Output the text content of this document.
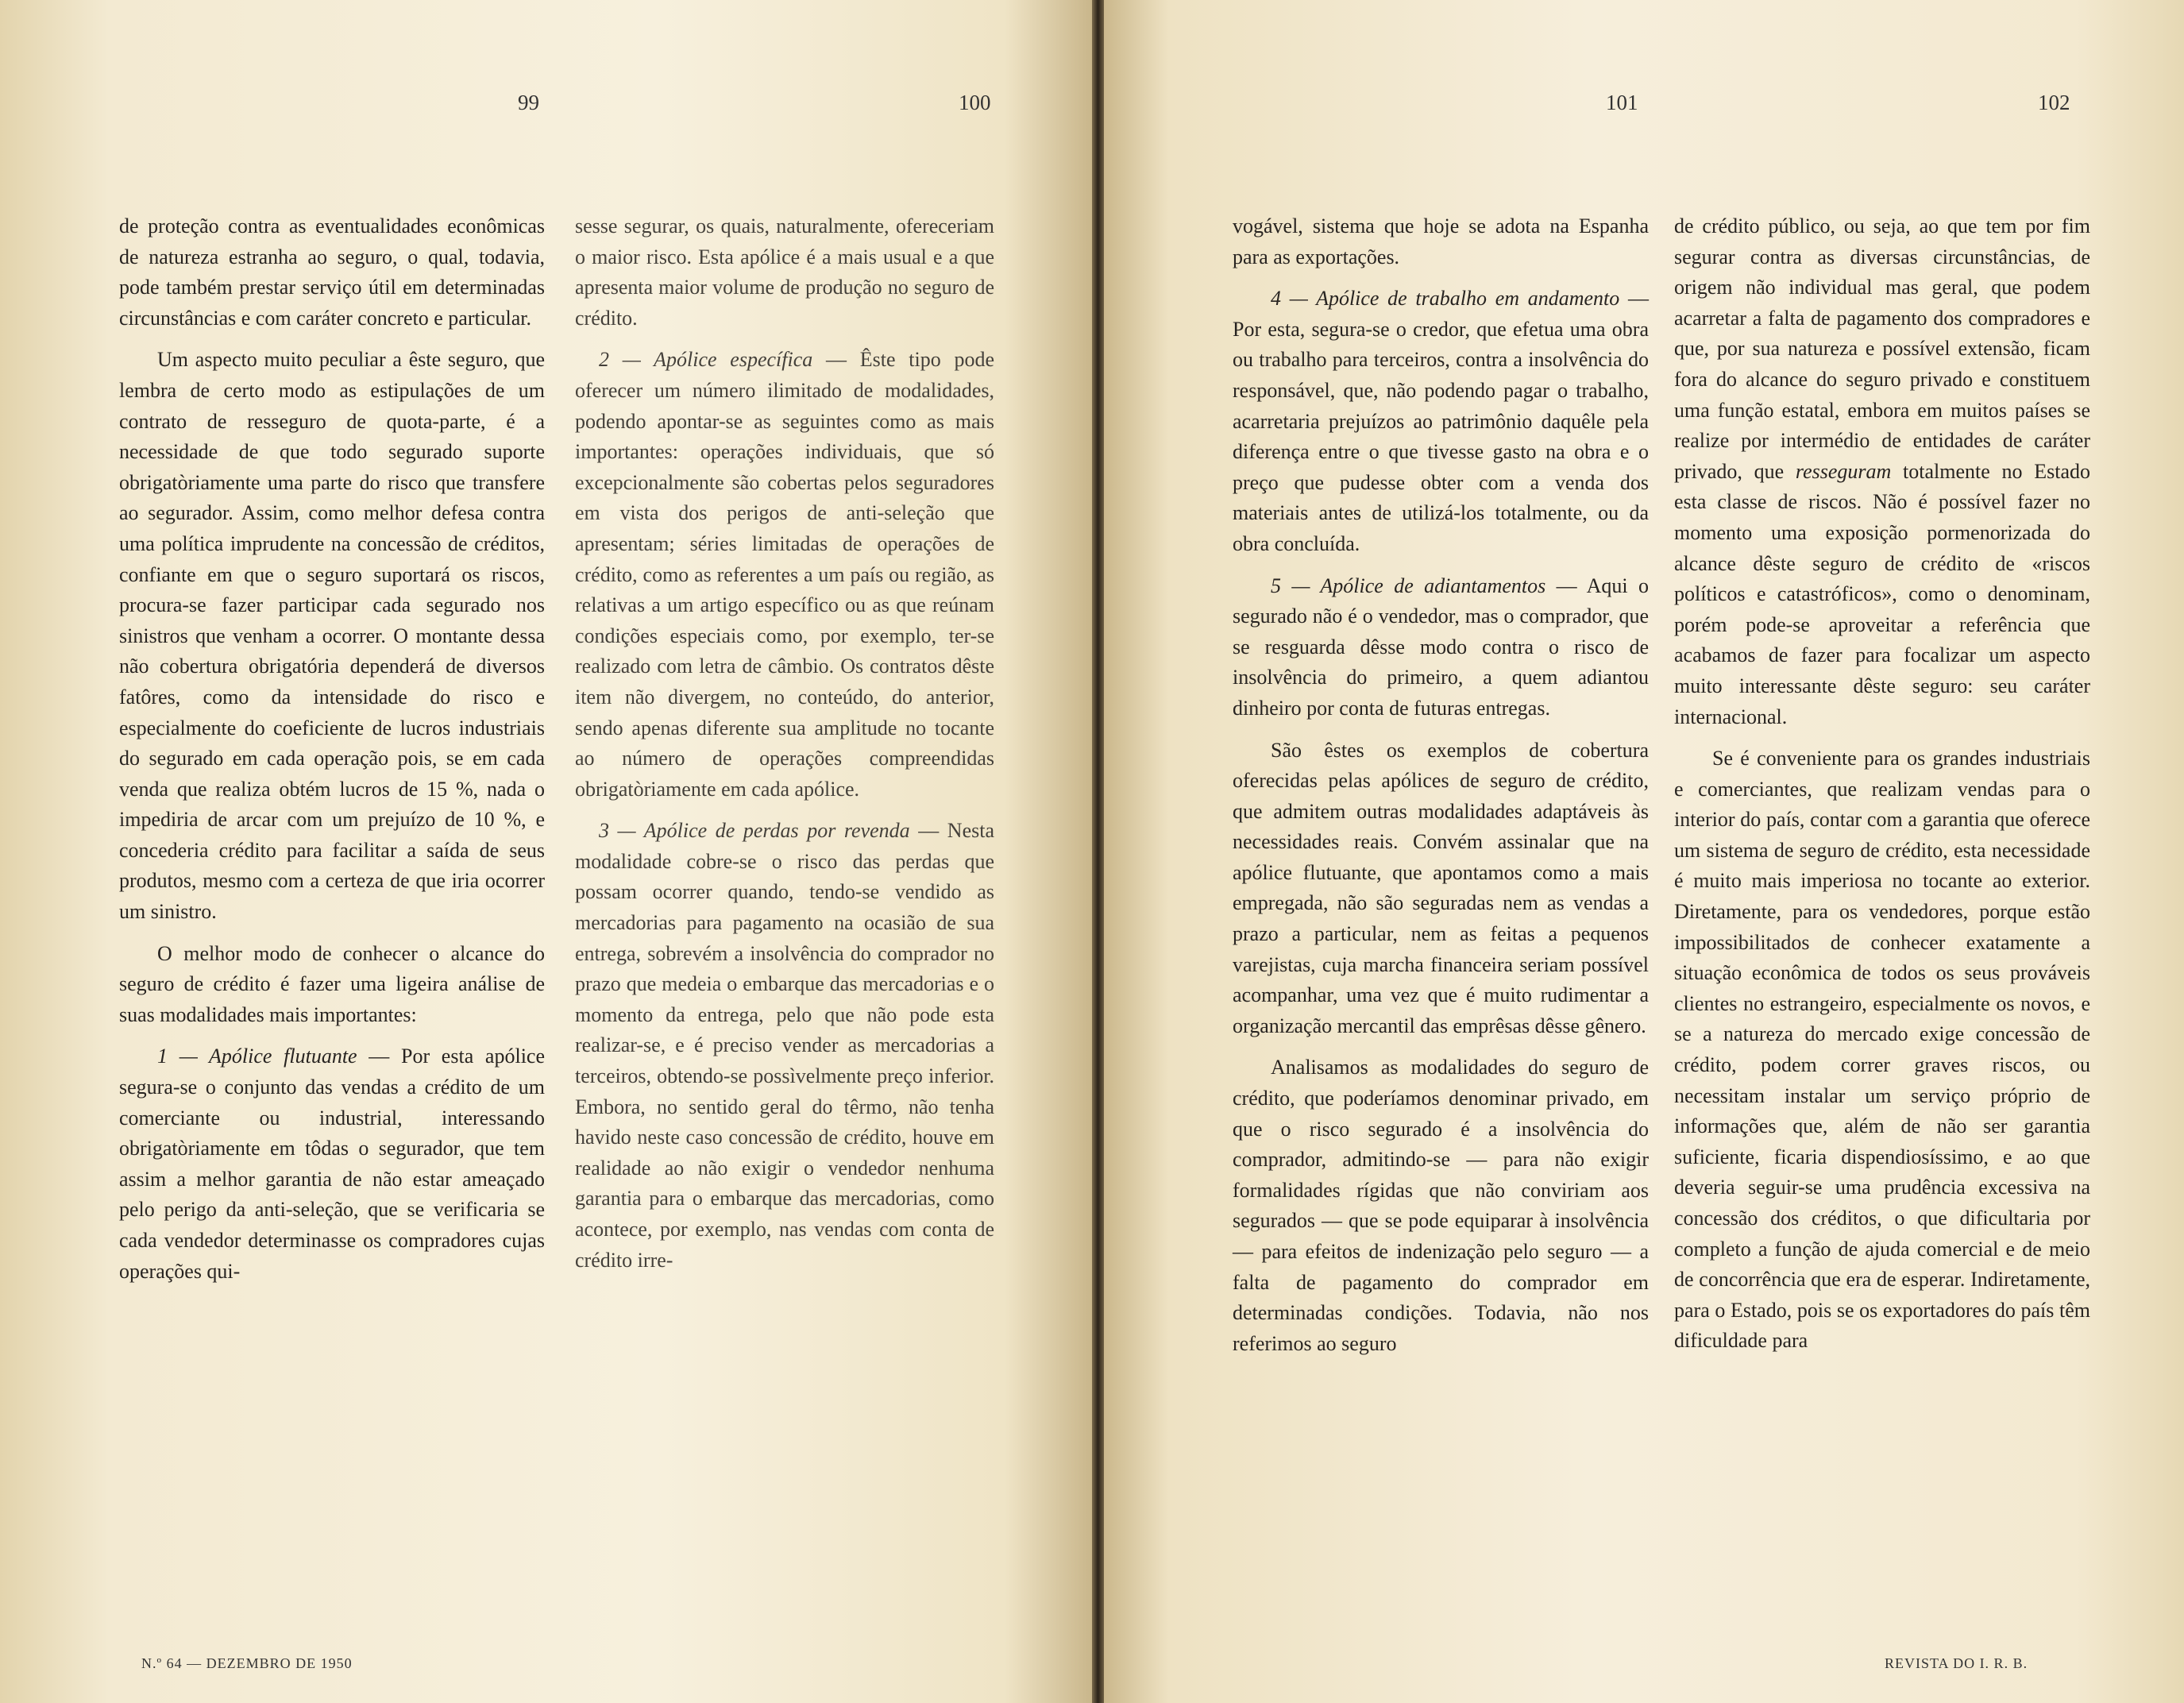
99	100

de proteção contra as eventualidades econômicas de natureza estranha ao seguro, o qual, todavia, pode também prestar serviço útil em determinadas circunstâncias e com caráter concreto e particular.

Um aspecto muito peculiar a êste seguro, que lembra de certo modo as estipulações de um contrato de resseguro de quota-parte, é a necessidade de que todo segurado suporte obrigatòriamente uma parte do risco que transfere ao segurador. Assim, como melhor defesa contra uma política imprudente na concessão de créditos, confiante em que o seguro suportará os riscos, procura-se fazer participar cada segurado nos sinistros que venham a ocorrer. O montante dessa não cobertura obrigatória dependerá de diversos fatôres, como da intensidade do risco e especialmente do coeficiente de lucros industriais do segurado em cada operação pois, se em cada venda que realiza obtém lucros de 15 %, nada o impediria de arcar com um prejuízo de 10 %, e concederia crédito para facilitar a saída de seus produtos, mesmo com a certeza de que iria ocorrer um sinistro.

O melhor modo de conhecer o alcance do seguro de crédito é fazer uma ligeira análise de suas modalidades mais importantes:

1 — Apólice flutuante — Por esta apólice segura-se o conjunto das vendas a crédito de um comerciante ou industrial, interessando obrigatòriamente em tôdas o segurador, que tem assim a melhor garantia de não estar ameaçado pelo perigo da anti-seleção, que se verificaria se cada vendedor determinasse os compradores cujas operações qui-

sesse segurar, os quais, naturalmente, ofereceriam o maior risco. Esta apólice é a mais usual e a que apresenta maior volume de produção no seguro de crédito.

2 — Apólice específica — Êste tipo pode oferecer um número ilimitado de modalidades, podendo apontar-se as seguintes como as mais importantes: operações individuais, que só excepcionalmente são cobertas pelos seguradores em vista dos perigos de anti-seleção que apresentam; séries limitadas de operações de crédito, como as referentes a um país ou região, as relativas a um artigo específico ou as que reúnam condições especiais como, por exemplo, ter-se realizado com letra de câmbio. Os contratos dêste item não divergem, no conteúdo, do anterior, sendo apenas diferente sua amplitude no tocante ao número de operações compreendidas obrigatòriamente em cada apólice.

3 — Apólice de perdas por revenda — Nesta modalidade cobre-se o risco das perdas que possam ocorrer quando, tendo-se vendido as mercadorias para pagamento na ocasião de sua entrega, sobrevém a insolvência do comprador no prazo que medeia o embarque das mercadorias e o momento da entrega, pelo que não pode esta realizar-se, e é preciso vender as mercadorias a terceiros, obtendo-se possìvelmente preço inferior. Embora, no sentido geral do têrmo, não tenha havido neste caso concessão de crédito, houve em realidade ao não exigir o vendedor nenhuma garantia para o embarque das mercadorias, como acontece, por exemplo, nas vendas com conta de crédito irre-

N.º 64 — DEZEMBRO DE 1950
101	102

vogável, sistema que hoje se adota na Espanha para as exportações.

4 — Apólice de trabalho em andamento — Por esta, segura-se o credor, que efetua uma obra ou trabalho para terceiros, contra a insolvência do responsável, que, não podendo pagar o trabalho, acarretaria prejuízos ao patrimônio daquêle pela diferença entre o que tivesse gasto na obra e o preço que pudesse obter com a venda dos materiais antes de utilizá-los totalmente, ou da obra concluída.

5 — Apólice de adiantamentos — Aqui o segurado não é o vendedor, mas o comprador, que se resguarda dêsse modo contra o risco de insolvência do primeiro, a quem adiantou dinheiro por conta de futuras entregas.

São êstes os exemplos de cobertura oferecidas pelas apólices de seguro de crédito, que admitem outras modalidades adaptáveis às necessidades reais. Convém assinalar que na apólice flutuante, que apontamos como a mais empregada, não são seguradas nem as vendas a prazo a particular, nem as feitas a pequenos varejistas, cuja marcha financeira seriam possível acompanhar, uma vez que é muito rudimentar a organização mercantil das emprêsas dêsse gênero.

Analisamos as modalidades do seguro de crédito, que poderíamos denominar privado, em que o risco segurado é a insolvência do comprador, admitindo-se — para não exigir formalidades rígidas que não conviriam aos segurados — que se pode equiparar à insolvência — para efeitos de indenização pelo seguro — a falta de pagamento do comprador em determinadas condições. Todavia, não nos referimos ao seguro

de crédito público, ou seja, ao que tem por fim segurar contra as diversas circunstâncias, de origem não individual mas geral, que podem acarretar a falta de pagamento dos compradores e que, por sua natureza e possível extensão, ficam fora do alcance do seguro privado e constituem uma função estatal, embora em muitos países se realize por intermédio de entidades de caráter privado, que resseguram totalmente no Estado esta classe de riscos. Não é possível fazer no momento uma exposição pormenorizada do alcance dêste seguro de crédito de «riscos políticos e catastróficos», como o denominam, porém pode-se aproveitar a referência que acabamos de fazer para focalizar um aspecto muito interessante dêste seguro: seu caráter internacional.

Se é conveniente para os grandes industriais e comerciantes, que realizam vendas para o interior do país, contar com a garantia que oferece um sistema de seguro de crédito, esta necessidade é muito mais imperiosa no tocante ao exterior. Diretamente, para os vendedores, porque estão impossibilitados de conhecer exatamente a situação econômica de todos os seus prováveis clientes no estrangeiro, especialmente os novos, e se a natureza do mercado exige concessão de crédito, podem correr graves riscos, ou necessitam instalar um serviço próprio de informações que, além de não ser garantia suficiente, ficaria dispendiosíssimo, e ao que deveria seguir-se uma prudência excessiva na concessão dos créditos, o que dificultaria por completo a função de ajuda comercial e de meio de concorrência que era de esperar. Indiretamente, para o Estado, pois se os exportadores do país têm dificuldade para

REVISTA DO I. R. B.
